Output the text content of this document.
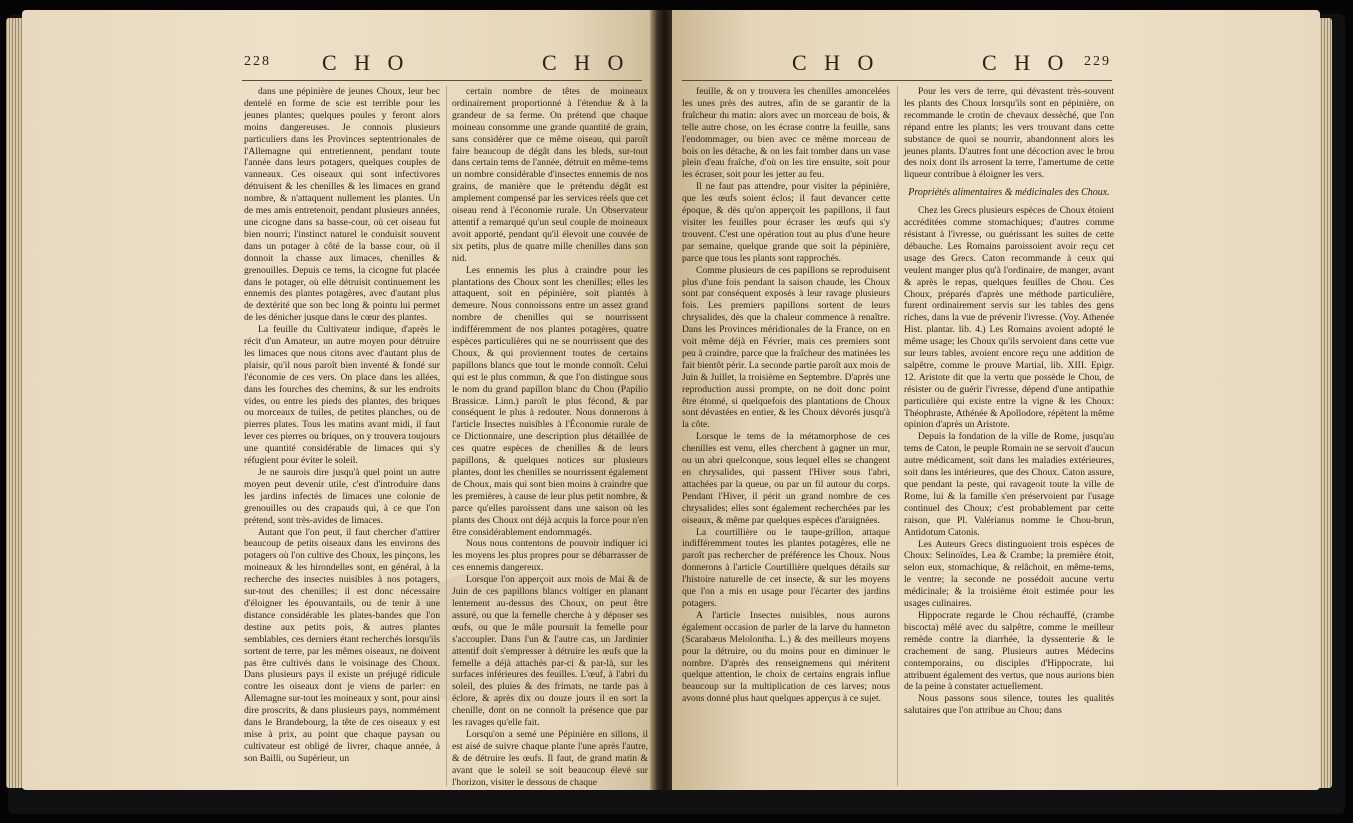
228 C H O	C H O

dans une pépinière de jeunes Choux, leur bec dentelé en forme de scie est terrible pour les jeunes plantes; quelques poules y feront alors moins dangereuses. Je connois plusieurs particuliers dans les Provinces septentrionales de l'Allemagne qui entretiennent, pendant toute l'année dans leurs potagers, quelques couples de vanneaux. Ces oiseaux qui sont infectivores détruisent & les chenilles & les limaces en grand nombre, & n'attaquent nullement les plantes. Un de mes amis entretenoit, pendant plusieurs années, une cicogne dans sa basse-cour, où cet oiseau fut bien nourri; l'instinct naturel le conduisit souvent dans un potager à côté de la basse cour, où il donnoit la chasse aux limaces, chenilles & grenouilles. Depuis ce tems, la cicogne fut placée dans le potager, où elle détruisit continuement les ennemis des plantes potagères, avec d'autant plus de dextérité que son bec long & pointu lui permet de les dénicher jusque dans le cœur des plantes.

La feuille du Cultivateur indique, d'après le récit d'un Amateur, un autre moyen pour détruire les limaces que nous citons avec d'autant plus de plaisir, qu'il nous paroît bien inventé & fondé sur l'économie de ces vers. On place dans les allées, dans les fourches des chemins, & sur les endroits vides, ou entre les pieds des plantes, des briques ou morceaux de tuiles, de petites planches, ou de pierres plates. Tous les matins avant midi, il faut lever ces pierres ou briques, on y trouvera toujours une quantité considérable de limaces qui s'y réfugient pour éviter le soleil.

Je ne saurois dire jusqu'à quel point un autre moyen peut devenir utile, c'est d'introduire dans les jardins infectés de limaces une colonie de grenouilles ou des crapauds qui, à ce que l'on prétend, sont très-avides de limaces.

Autant que l'on peut, il faut chercher d'attirer beaucoup de petits oiseaux dans les environs des potagers où l'on cultive des Choux, les pinçons, les moineaux & les hirondelles sont, en général, à la recherche des insectes nuisibles à nos potagers, sur-tout des chenilles; il est donc nécessaire d'éloigner les épouvantails, ou de tenir à une distance considérable les plates-bandes que l'on destine aux petits pois, & autres plantes semblables, ces derniers étant recherchés lorsqu'ils sortent de terre, par les mêmes oiseaux, ne doivent pas être cultivés dans le voisinage des Choux. Dans plusieurs pays il existe un préjugé ridicule contre les oiseaux dont je viens de parler: en Allemagne sur-tout les moineaux y sont, pour ainsi dire proscrits, & dans plusieurs pays, nommément dans le Brandebourg, la tête de ces oiseaux y est mise à prix, au point que chaque paysan ou cultivateur est obligé de livrer, chaque année, à son Bailli, ou Supérieur, un

certain nombre de têtes de moineaux ordinairement proportionné à l'étendue & à la grandeur de sa ferme. On prétend que chaque moineau consomme une grande quantité de grain, sans considérer que ce même oiseau, qui paroît faire beaucoup de dégât dans les bleds, sur-tout dans certain tems de l'année, détruit en même-tems un nombre considérable d'insectes ennemis de nos grains, de manière que le prétendu dégât est amplement compensé par les services réels que cet oiseau rend à l'économie rurale. Un Observateur attentif a remarqué qu'un seul couple de moineaux avoit apporté, pendant qu'il élevoit une couvée de six petits, plus de quatre mille chenilles dans son nid.

Les ennemis les plus à craindre pour les plantations des Choux sont les chenilles; elles les attaquent, soit en pépinière, soit plantés à demeure. Nous connoissons entre un assez grand nombre de chenilles qui se nourrissent indifféremment de nos plantes potagères, quatre espèces particulières qui ne se nourrissent que des Choux, & qui proviennent toutes de certains papillons blancs que tout le monde connoît. Celui qui est le plus commun, & que l'on distingue sous le nom du grand papillon blanc du Chou (Papilio Brassicæ. Linn.) paroît le plus fécond, & par conséquent le plus à redouter. Nous donnerons à l'article Insectes nuisibles à l'Économie rurale de ce Dictionnaire, une description plus détaillée de ces quatre espèces de chenilles & de leurs papillons, & quelques notices sur plusieurs plantes, dont les chenilles se nourrissent également de Choux, mais qui sont bien moins à craindre que les premières, à cause de leur plus petit nombre, & parce qu'elles paroissent dans une saison où les plants des Choux ont déjà acquis la force pour n'en être considérablement endommagés.

Nous nous contentons de pouvoir indiquer ici les moyens les plus propres pour se débarrasser de ces ennemis dangereux.

Lorsque l'on apperçoit aux mois de Mai & de Juin de ces papillons blancs voltiger en planant lentement au-dessus des Choux, on peut être assuré, ou que la femelle cherche à y déposer ses œufs, ou que le mâle poursuit la femelle pour s'accoupler. Dans l'un & l'autre cas, un Jardinier attentif doit s'empresser à détruire les œufs que la femelle a déjà attachés par-ci & par-là, sur les surfaces inférieures des feuilles. L'œuf, à l'abri du soleil, des pluies & des frimats, ne tarde pas à éclore, & après dix ou douze jours il en sort la chenille, dont on ne connoît la présence que par les ravages qu'elle fait.

Lorsqu'on a semé une Pépinière en sillons, il est aisé de suivre chaque plante l'une après l'autre, & de détruire les œufs. Il faut, de grand matin & avant que le soleil se soit beaucoup élevé sur l'horizon, visiter le dessous de chaque

C H O	C H O 229

feuille, & on y trouvera les chenilles amoncelées les unes près des autres, afin de se garantir de la fraîcheur du matin: alors avec un morceau de bois, & telle autre chose, on les écrase contre la feuille, sans l'endommager, ou bien avec ce même morceau de bois on les détache, & on les fait tomber dans un vase plein d'eau fraîche, d'où on les tire ensuite, soit pour les écraser, soit pour les jetter au feu.

Il ne faut pas attendre, pour visiter la pépinière, que les œufs soient éclos; il faut devancer cette époque, & dès qu'on apperçoit les papillons, il faut visiter les feuilles pour écraser les œufs qui s'y trouvent. C'est une opération tout au plus d'une heure par semaine, quelque grande que soit la pépinière, parce que tous les plants sont rapprochés.

Comme plusieurs de ces papillons se reproduisent plus d'une fois pendant la saison chaude, les Choux sont par conséquent exposés à leur ravage plusieurs fois. Les premiers papillons sortent de leurs chrysalides, dès que la chaleur commence à renaître. Dans les Provinces méridionales de la France, on en voit même déjà en Février, mais ces premiers sont peu à craindre, parce que la fraîcheur des matinées les fait bientôt périr. La seconde partie paroît aux mois de Juin & Juillet, la troisième en Septembre. D'après une reproduction aussi prompte, on ne doit donc point être étonné, si quelquefois des plantations de Choux sont dévastées en entier, & les Choux dévorés jusqu'à la côte.

Lorsque le tems de la métamorphose de ces chenilles est venu, elles cherchent à gagner un mur, ou un abri quelconque, sous lequel elles se changent en chrysalides, qui passent l'Hiver sous l'abri, attachées par la queue, ou par un fil autour du corps. Pendant l'Hiver, il périt un grand nombre de ces chrysalides; elles sont également recherchées par les oiseaux, & même par quelques espèces d'araignées.

La courtillière ou le taupe-grillon, attaque indifféremment toutes les plantes potagères, elle ne paroît pas rechercher de préférence les Choux. Nous donnerons à l'article Courtillière quelques détails sur l'histoire naturelle de cet insecte, & sur les moyens que l'on a mis en usage pour l'écarter des jardins potagers.

A l'article Insectes nuisibles, nous aurons également occasion de parler de la larve du hanneton (Scarabæus Melolontha. L.) & des meilleurs moyens pour la détruire, ou du moins pour en diminuer le nombre. D'après des renseignemens qui méritent quelque attention, le choix de certains engrais influe beaucoup sur la multiplication de ces larves; nous avons donné plus haut quelques apperçus à ce sujet.

Pour les vers de terre, qui dévastent très-souvent les plants des Choux lorsqu'ils sont en pépinière, on recommande le crotin de chevaux dessèché, que l'on répand entre les plants; les vers trouvant dans cette substance de quoi se nourrir, abandonnent alors les jeunes plants. D'autres font une décoction avec le brou des noix dont ils arrosent la terre, l'amertume de cette liqueur contribue à éloigner les vers.

Propriétés alimentaires & médicinales des Choux.

Chez les Grecs plusieurs espèces de Choux étoient accréditées comme stomachiques; d'autres comme résistant à l'ivresse, ou guérissant les suites de cette débauche. Les Romains paroissoient avoir reçu cet usage des Grecs. Caton recommande à ceux qui veulent manger plus qu'à l'ordinaire, de manger, avant & après le repas, quelques feuilles de Chou. Ces Choux, préparés d'après une méthode particulière, furent ordinairement servis sur les tables des gens riches, dans la vue de prévenir l'ivresse. (Voy. Athenée Hist. plantar. lib. 4.) Les Romains avoient adopté le même usage; les Choux qu'ils servoient dans cette vue sur leurs tables, avoient encore reçu une addition de salpêtre, comme le prouve Martial, lib. XIII. Epigr. 12. Aristote dit que la vertu que possède le Chou, de résister ou de guérir l'ivresse, dépend d'une antipathie particulière qui existe entre la vigne & les Choux: Théophraste, Athénée & Apollodore, répètent la même opinion d'après un Aristote.

Depuis la fondation de la ville de Rome, jusqu'au tems de Caton, le peuple Romain ne se servoit d'aucun autre médicament, soit dans les maladies extérieures, soit dans les intérieures, que des Choux. Caton assure, que pendant la peste, qui ravageoit toute la ville de Rome, lui & la famille s'en préservoient par l'usage continuel des Choux; c'est probablement par cette raison, que Pl. Valérianus nomme le Chou-brun, Antidotum Catonis.

Les Auteurs Grecs distinguoient trois espèces de Choux: Selinoïdes, Lea & Crambe; la première étoit, selon eux, stomachique, & relâchoit, en même-tems, le ventre; la seconde ne possédoit aucune vertu médicinale; & la troisième étoit estimée pour les usages culinaires.

Hippocrate regarde le Chou réchauffé, (crambe biscocta) mêlé avec du salpêtre, comme le meilleur remède contre la diarrhée, la dyssenterie & le crachement de sang. Plusieurs autres Médecins contemporains, ou disciples d'Hippocrate, lui attribuent également des vertus, que nous aurions bien de la peine à constater actuellement.

Nous passons sous silence, toutes les qualités salutaires que l'on attribue au Chou; dans
